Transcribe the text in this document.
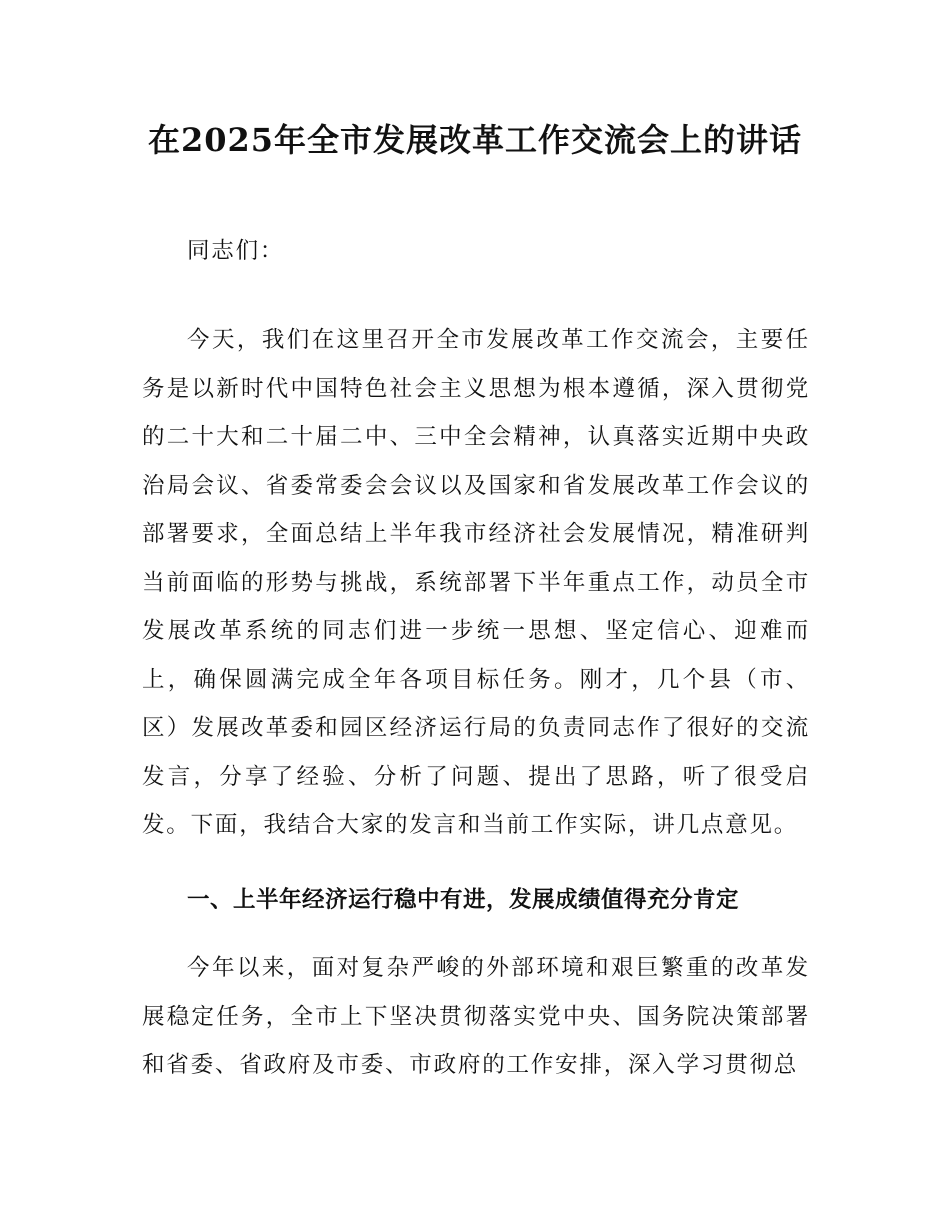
在2025年全市发展改革工作交流会上的讲话
同志们：
今天，我们在这里召开全市发展改革工作交流会，主要任务是以新时代中国特色社会主义思想为根本遵循，深入贯彻党的二十大和二十届二中、三中全会精神，认真落实近期中央政治局会议、省委常委会会议以及国家和省发展改革工作会议的部署要求，全面总结上半年我市经济社会发展情况，精准研判当前面临的形势与挑战，系统部署下半年重点工作，动员全市发展改革系统的同志们进一步统一思想、坚定信心、迎难而上，确保圆满完成全年各项目标任务。刚才，几个县（市、区）发展改革委和园区经济运行局的负责同志作了很好的交流发言，分享了经验、分析了问题、提出了思路，听了很受启发。下面，我结合大家的发言和当前工作实际，讲几点意见。
一、上半年经济运行稳中有进，发展成绩值得充分肯定
今年以来，面对复杂严峻的外部环境和艰巨繁重的改革发展稳定任务，全市上下坚决贯彻落实党中央、国务院决策部署和省委、省政府及市委、市政府的工作安排，深入学习贯彻总
